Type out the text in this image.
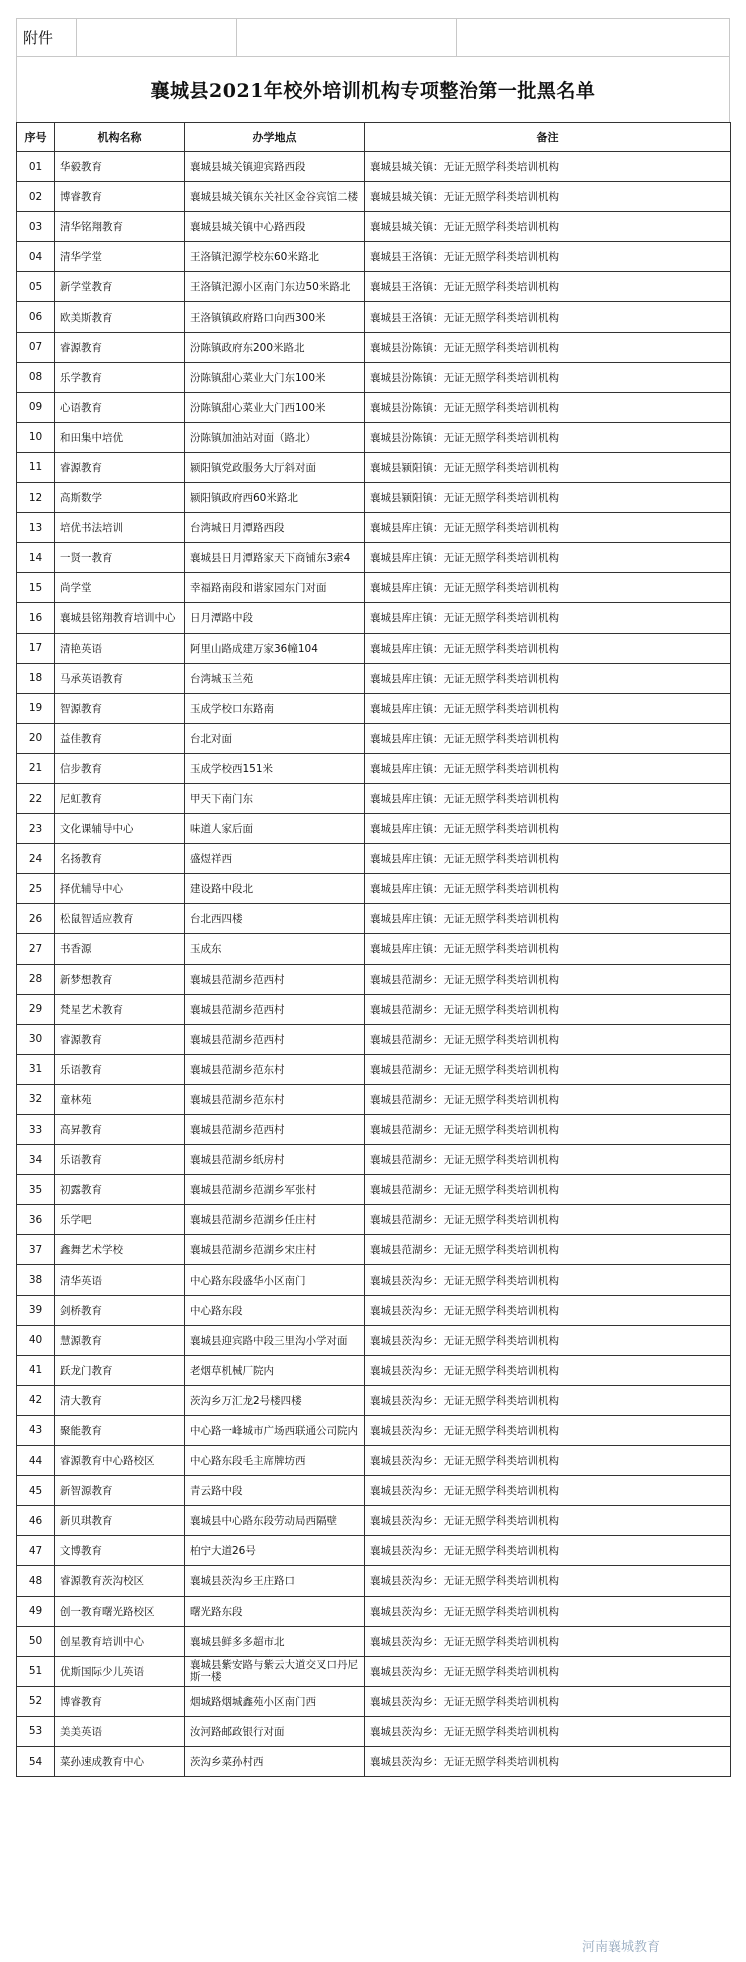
附件
襄城县2021年校外培训机构专项整治第一批黑名单
序号	机构名称	办学地点	备注
01	华毅教育	襄城县城关镇迎宾路西段	襄城县城关镇：无证无照学科类培训机构
02	博睿教育	襄城县城关镇东关社区金谷宾馆二楼	襄城县城关镇：无证无照学科类培训机构
03	清华铭翔教育	襄城县城关镇中心路西段	襄城县城关镇：无证无照学科类培训机构
04	清华学堂	王洛镇汜源学校东60米路北	襄城县王洛镇：无证无照学科类培训机构
05	新学堂教育	王洛镇汜源小区南门东边50米路北	襄城县王洛镇：无证无照学科类培训机构
06	欧美斯教育	王洛镇镇政府路口向西300米	襄城县王洛镇：无证无照学科类培训机构
07	睿源教育	汾陈镇政府东200米路北	襄城县汾陈镇：无证无照学科类培训机构
08	乐学教育	汾陈镇甜心菜业大门东100米	襄城县汾陈镇：无证无照学科类培训机构
09	心语教育	汾陈镇甜心菜业大门西100米	襄城县汾陈镇：无证无照学科类培训机构
10	和田集中培优	汾陈镇加油站对面（路北）	襄城县汾陈镇：无证无照学科类培训机构
11	睿源教育	颍阳镇党政服务大厅斜对面	襄城县颍阳镇：无证无照学科类培训机构
12	高斯数学	颍阳镇政府西60米路北	襄城县颍阳镇：无证无照学科类培训机构
13	培优书法培训	台湾城日月潭路西段	襄城县库庄镇：无证无照学科类培训机构
14	一贤一教育	襄城县日月潭路家天下商铺东3索4	襄城县库庄镇：无证无照学科类培训机构
15	尚学堂	幸福路南段和谐家园东门对面	襄城县库庄镇：无证无照学科类培训机构
16	襄城县铭翔教育培训中心	日月潭路中段	襄城县库庄镇：无证无照学科类培训机构
17	清艳英语	阿里山路成建万家36幢104	襄城县库庄镇：无证无照学科类培训机构
18	马承英语教育	台湾城玉兰苑	襄城县库庄镇：无证无照学科类培训机构
19	智源教育	玉成学校口东路南	襄城县库庄镇：无证无照学科类培训机构
20	益佳教育	台北对面	襄城县库庄镇：无证无照学科类培训机构
21	信步教育	玉成学校西151米	襄城县库庄镇：无证无照学科类培训机构
22	尼虹教育	甲天下南门东	襄城县库庄镇：无证无照学科类培训机构
23	文化课辅导中心	味道人家后面	襄城县库庄镇：无证无照学科类培训机构
24	名扬教育	盛煜祥西	襄城县库庄镇：无证无照学科类培训机构
25	择优辅导中心	建设路中段北	襄城县库庄镇：无证无照学科类培训机构
26	松鼠智适应教育	台北西四楼	襄城县库庄镇：无证无照学科类培训机构
27	书香源	玉成东	襄城县库庄镇：无证无照学科类培训机构
28	新梦想教育	襄城县范湖乡范西村	襄城县范湖乡：无证无照学科类培训机构
29	梵星艺术教育	襄城县范湖乡范西村	襄城县范湖乡：无证无照学科类培训机构
30	睿源教育	襄城县范湖乡范西村	襄城县范湖乡：无证无照学科类培训机构
31	乐语教育	襄城县范湖乡范东村	襄城县范湖乡：无证无照学科类培训机构
32	童林苑	襄城县范湖乡范东村	襄城县范湖乡：无证无照学科类培训机构
33	高昇教育	襄城县范湖乡范西村	襄城县范湖乡：无证无照学科类培训机构
34	乐语教育	襄城县范湖乡纸房村	襄城县范湖乡：无证无照学科类培训机构
35	初露教育	襄城县范湖乡范湖乡军张村	襄城县范湖乡：无证无照学科类培训机构
36	乐学吧	襄城县范湖乡范湖乡任庄村	襄城县范湖乡：无证无照学科类培训机构
37	鑫舞艺术学校	襄城县范湖乡范湖乡宋庄村	襄城县范湖乡：无证无照学科类培训机构
38	清华英语	中心路东段盛华小区南门	襄城县茨沟乡：无证无照学科类培训机构
39	剑桥教育	中心路东段	襄城县茨沟乡：无证无照学科类培训机构
40	慧源教育	襄城县迎宾路中段三里沟小学对面	襄城县茨沟乡：无证无照学科类培训机构
41	跃龙门教育	老烟草机械厂院内	襄城县茨沟乡：无证无照学科类培训机构
42	清大教育	茨沟乡万汇龙2号楼四楼	襄城县茨沟乡：无证无照学科类培训机构
43	聚能教育	中心路一峰城市广场西联通公司院内	襄城县茨沟乡：无证无照学科类培训机构
44	睿源教育中心路校区	中心路东段毛主席牌坊西	襄城县茨沟乡：无证无照学科类培训机构
45	新智源教育	青云路中段	襄城县茨沟乡：无证无照学科类培训机构
46	新贝琪教育	襄城县中心路东段劳动局西隔壁	襄城县茨沟乡：无证无照学科类培训机构
47	文博教育	柏宁大道26号	襄城县茨沟乡：无证无照学科类培训机构
48	睿源教育茨沟校区	襄城县茨沟乡王庄路口	襄城县茨沟乡：无证无照学科类培训机构
49	创一教育曙光路校区	曙光路东段	襄城县茨沟乡：无证无照学科类培训机构
50	创星教育培训中心	襄城县鲜多多超市北	襄城县茨沟乡：无证无照学科类培训机构
51	优斯国际少儿英语	襄城县紫安路与紫云大道交叉口丹尼斯一楼	襄城县茨沟乡：无证无照学科类培训机构
52	博睿教育	烟城路烟城鑫苑小区南门西	襄城县茨沟乡：无证无照学科类培训机构
53	美美英语	汝河路邮政银行对面	襄城县茨沟乡：无证无照学科类培训机构
54	菜孙速成教育中心	茨沟乡菜孙村西	襄城县茨沟乡：无证无照学科类培训机构
河南襄城教育
